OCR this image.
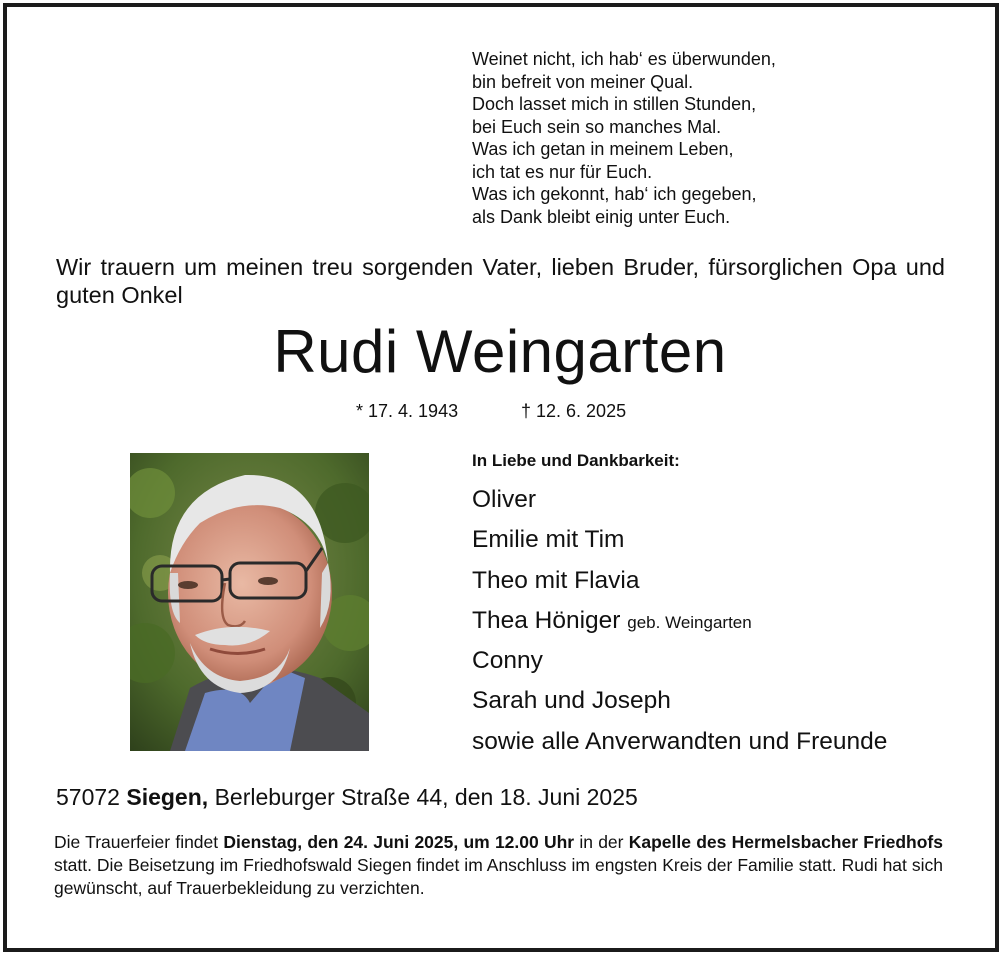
Weinet nicht, ich hab‘ es überwunden,
bin befreit von meiner Qual.
Doch lasset mich in stillen Stunden,
bei Euch sein so manches Mal.
Was ich getan in meinem Leben,
ich tat es nur für Euch.
Was ich gekonnt, hab‘ ich gegeben,
als Dank bleibt einig unter Euch.
Wir trauern um meinen treu sorgenden Vater, lieben Bruder, fürsorglichen Opa und guten Onkel
Rudi Weingarten
* 17. 4. 1943	† 12. 6. 2025
In Liebe und Dankbarkeit:
Oliver
Emilie mit Tim
Theo mit Flavia
Thea Höniger geb. Weingarten
Conny
Sarah und Joseph
sowie alle Anverwandten und Freunde
57072 Siegen, Berleburger Straße 44, den 18. Juni 2025
Die Trauerfeier findet Dienstag, den 24. Juni 2025, um 12.00 Uhr in der Kapelle des Hermelsbacher Friedhofs statt. Die Beisetzung im Friedhofswald Siegen findet im Anschluss im engsten Kreis der Familie statt. Rudi hat sich gewünscht, auf Trauerbekleidung zu verzichten.
